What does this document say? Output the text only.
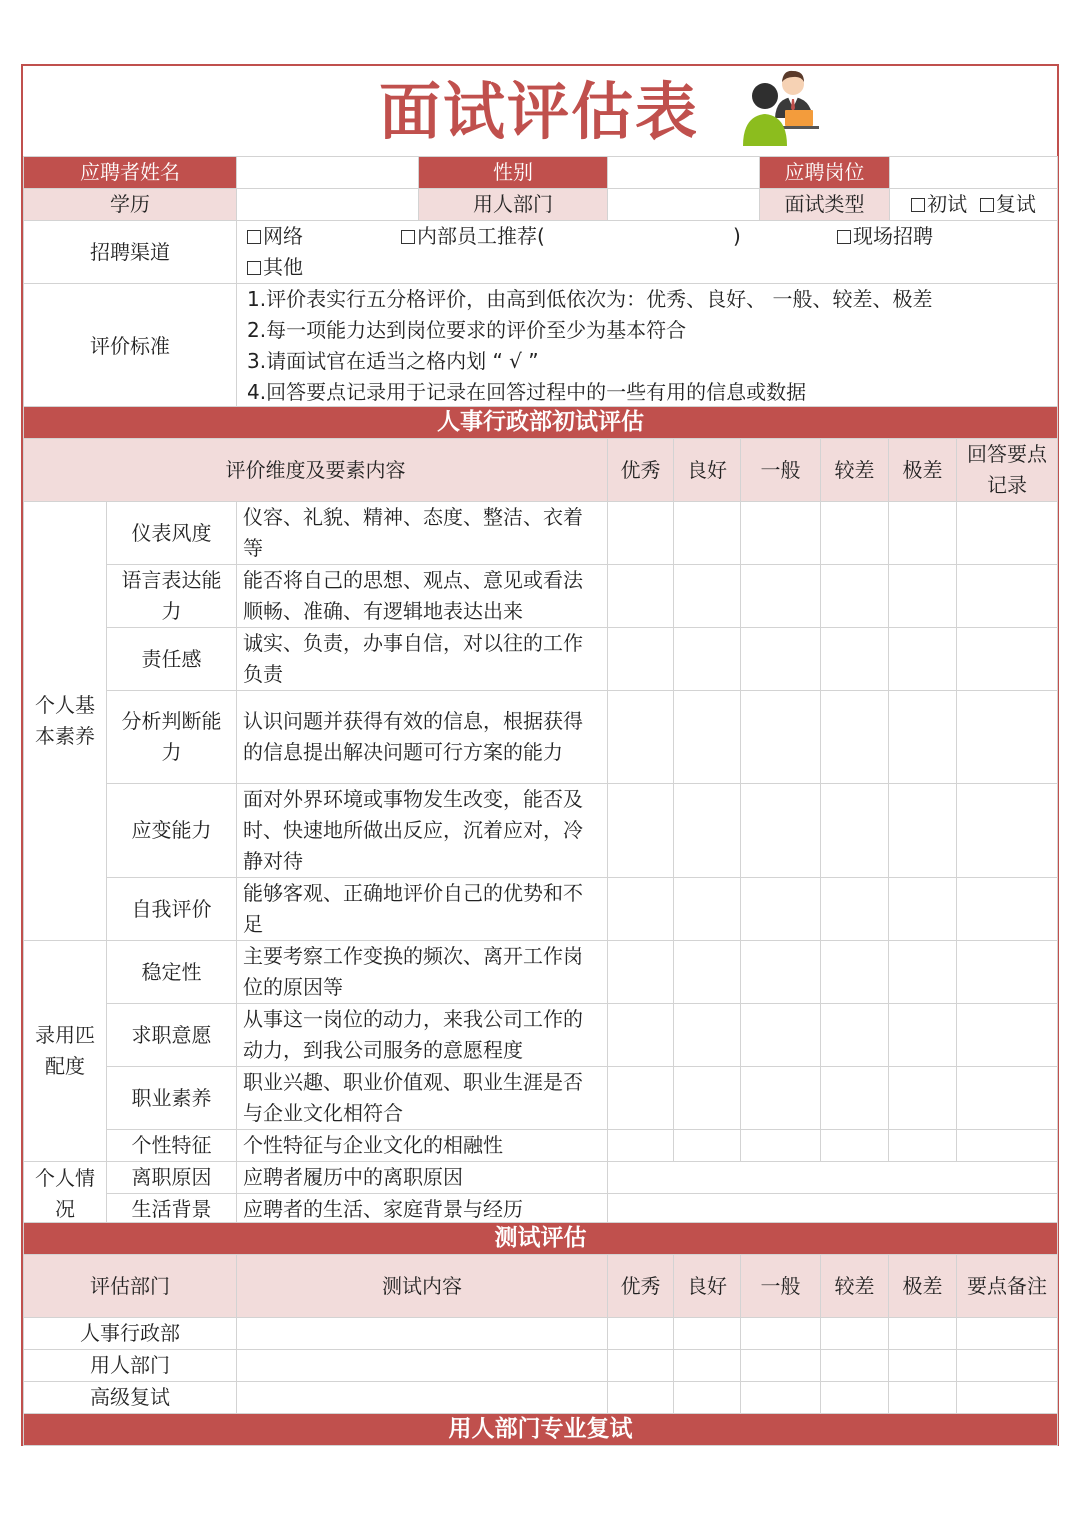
面试评估表
应聘者姓名		性别		应聘岗位	
学历		用人部门		面试类型	初试 复试
招聘渠道	网络 内部员工推荐( ) 现场招聘
其他				

评价标准	1.评价表实行五分格评价，由高到低依次为：优秀、良好、 一般、较差、极差
2.每一项能力达到岗位要求的评价至少为基本符合
3.请面试官在适当之格内划 “ √ ”
4.回答要点记录用于记录在回答过程中的一些有用的信息或数据				
人事行政部初试评估								
评价维度及要素内容			优秀	良好	一般	较差	极差	回答要点记录
个人基本素养	仪表风度	仪容、礼貌、精神、态度、整洁、衣着等						
	语言表达能力	能否将自己的思想、观点、意见或看法顺畅、准确、有逻辑地表达出来						
	责任感	诚实、负责，办事自信，对以往的工作负责						
	分析判断能力	认识问题并获得有效的信息，根据获得的信息提出解决问题可行方案的能力						
	应变能力	面对外界环境或事物发生改变，能否及时、快速地所做出反应，沉着应对，冷静对待						
	自我评价	能够客观、正确地评价自己的优势和不足						
录用匹配度	稳定性	主要考察工作变换的频次、离开工作岗位的原因等						
	求职意愿	从事这一岗位的动力，来我公司工作的动力，到我公司服务的意愿程度						
	职业素养	职业兴趣、职业价值观、职业生涯是否与企业文化相符合						
	个性特征	个性特征与企业文化的相融性						
个人情况	离职原因	应聘者履历中的离职原因						
	生活背景	应聘者的生活、家庭背景与经历						
测试评估							
评估部门	测试内容	优秀	良好	一般	较差	极差	要点备注
人事行政部							
用人部门							
高级复试							
用人部门专业复试							
